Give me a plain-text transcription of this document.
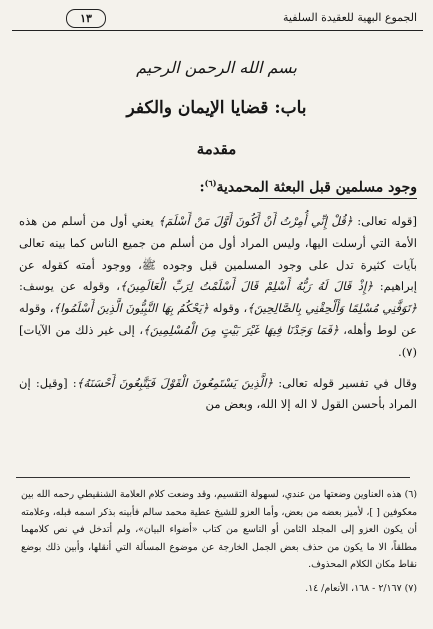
الجموع البهية للعقيدة السلفية
١٣
بسم الله الرحمن الرحيم
باب: قضايا الإيمان والكفر
مقدمة
وجود مسلمين قبل البعثة المحمدية$^{(٦)}$:

[قوله تعالى: ﴿قُلْ إِنِّي أُمِرْتُ أَنْ أَكُونَ أَوَّلَ مَنْ أَسْلَمَ﴾ يعني أول من أسلم من هذه الأمة التي أرسلت اليها، وليس المراد أول من أسلم من جميع الناس كما بينه تعالى بآيات كثيرة تدل على وجود المسلمين قبل وجوده ﷺ، ووجود أمته كقوله عن إبراهيم: ﴿إِذْ قَالَ لَهُ رَبُّهُ أَسْلِمْ قَالَ أَسْلَمْتُ لِرَبِّ الْعَالَمِينَ﴾، وقوله عن يوسف: ﴿تَوَفَّنِي مُسْلِمًا وَأَلْحِقْنِي بِالصَّالِحِينَ﴾، وقوله ﴿يَحْكُمُ بِهَا النَّبِيُّونَ الَّذِينَ أَسْلَمُوا﴾، وقوله عن لوط وأهله، ﴿فَمَا وَجَدْنَا فِيهَا غَيْرَ بَيْتٍ مِنَ الْمُسْلِمِينَ﴾، إلى غير ذلك من الآيات](٧).

وقال في تفسير قوله تعالى: ﴿الَّذِينَ يَسْتَمِعُونَ الْقَوْلَ فَيَتَّبِعُونَ أَحْسَنَهُ﴾: [وقيل: إن المراد بأحسن القول لا اله إلا الله، وبعض من

(٦) هذه العناوين وضعتها من عندي، لسهولة التقسيم، وقد وضعت كلام العلامة الشنقيطي رحمه الله بين معكوفين [ ]، لأميز بعضه من بعض، وأما العزو للشيخ عطية محمد سالم فأبينه بذكر اسمه قبله، وعلامته أن يكون العزو إلى المجلد الثامن أو التاسع من كتاب «أضواء البيان»، ولم أتدخل في نص كلامهما مطلقاً، الا ما يكون من حذف بعض الجمل الخارجة عن موضوع المسألة التي أنقلها، وأبين ذلك بوضع نقاط مكان الكلام المحذوف.

(٧) ٢/١٦٧ - ١٦٨، الأنعام/ ١٤.
